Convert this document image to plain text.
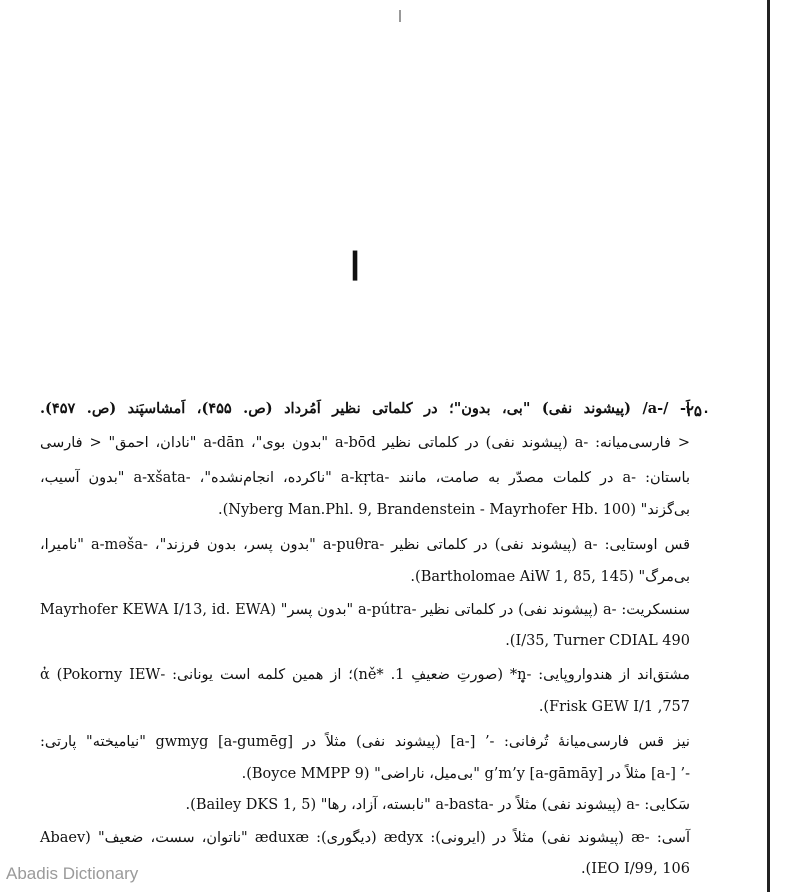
ا
۲۵۰
اَ- /-a/ (پیشوند نفی) "بی، بدون"؛ در کلماتی نظیر اَمُرداد (ص. ۴۵۵)، اَمشاسپَند (ص. ۴۵۷).
< فارسی‌میانه: -a (پیشوند نفی) در کلماتی نظیر a-bōd "بدون بوی"، a-dān "نادان، احمق" < فارسی
باستان: -a در کلمات مصدّر به صامت، مانند -a-kṛta "ناکرده، انجام‌نشده"، -a-xšata "بدون آسیب،
بی‌گزند" (Nyberg Man.Phl. 9, Brandenstein - Mayrhofer Hb. 100).
قس اوستایی: -a (پیشوند نفی) در کلماتی نظیر -a-puθra "بدون پسر، بدون فرزند"، -a-məša "نامیرا،
بی‌مرگ" (Bartholomae AiW 1, 85, 145).
سنسکریت: -a (پیشوند نفی) در کلماتی نظیر -a-pútra "بدون پسر" (Mayrhofer KEWA I/13, id. EWA
I/35, Turner CDIAL 490).
مشتق‌اند از هندواروپایی: -ṇ̥* (صورتِ ضعیفِ ně* .1)؛ از همین کلمه است یونانی: -ἀ (Pokorny IEW
757, Frisk GEW I/1).
نیز قس فارسی‌میانهٔ تُرفانی: -’ [-a] (پیشوند نفی) مثلاً در gwmyg [a-gumēg] "نیامیخته" پارتی:
-’ [-a] مثلاً در g’m’y [a-gāmāy] "بی‌میل، ناراضی" (Boyce MMPP 9).
سَکایی: -a (پیشوند نفی) مثلاً در -a-basta "نابسته، آزاد، رها" (Bailey DKS 1, 5).
آسی: -æ (پیشوند نفی) مثلاً در (ایرونی): ædyx (دیگوری): æduxæ "ناتوان، سست، ضعیف" (Abaev
IEO I/99, 106).
Abadis Dictionary
